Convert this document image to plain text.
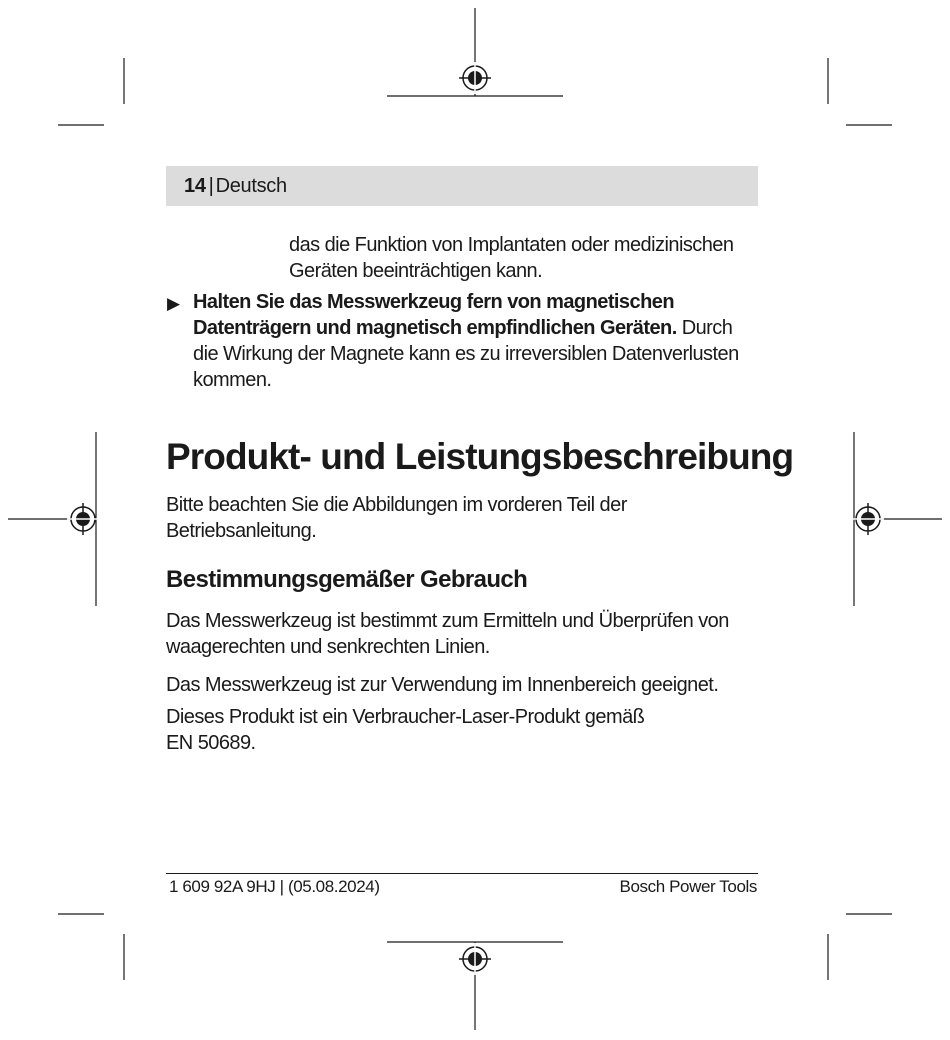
14 | Deutsch

das die Funktion von Implantaten oder medizinischen Geräten beeinträchtigen kann.

▶ Halten Sie das Messwerkzeug fern von magnetischen Datenträgern und magnetisch empfindlichen Geräten. Durch die Wirkung der Magnete kann es zu irreversiblen Datenverlusten kommen.

Produkt- und Leistungsbeschreibung

Bitte beachten Sie die Abbildungen im vorderen Teil der Betriebsanleitung.

Bestimmungsgemäßer Gebrauch

Das Messwerkzeug ist bestimmt zum Ermitteln und Überprüfen von waagerechten und senkrechten Linien.

Das Messwerkzeug ist zur Verwendung im Innenbereich geeignet.

Dieses Produkt ist ein Verbraucher-Laser-Produkt gemäß EN 50689.

1 609 92A 9HJ | (05.08.2024)	Bosch Power Tools
